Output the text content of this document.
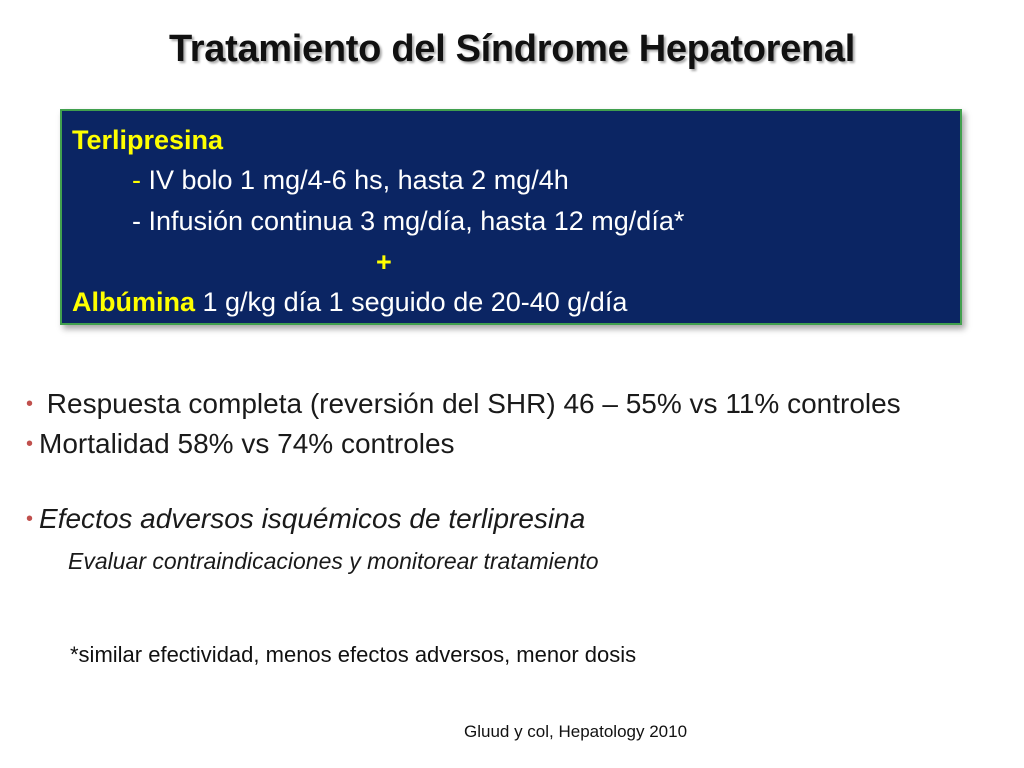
Tratamiento del Síndrome Hepatorenal
Terlipresina
- IV bolo 1 mg/4-6 hs, hasta 2 mg/4h
- Infusión continua 3 mg/día, hasta 12 mg/día*
+
Albúmina 1 g/kg día 1 seguido de 20-40 g/día
• Respuesta completa (reversión del SHR) 46 – 55% vs 11% controles
• Mortalidad 58% vs 74% controles
• Efectos adversos isquémicos de terlipresina
Evaluar contraindicaciones y monitorear tratamiento
*similar efectividad, menos efectos adversos, menor dosis
Gluud y col, Hepatology 2010
